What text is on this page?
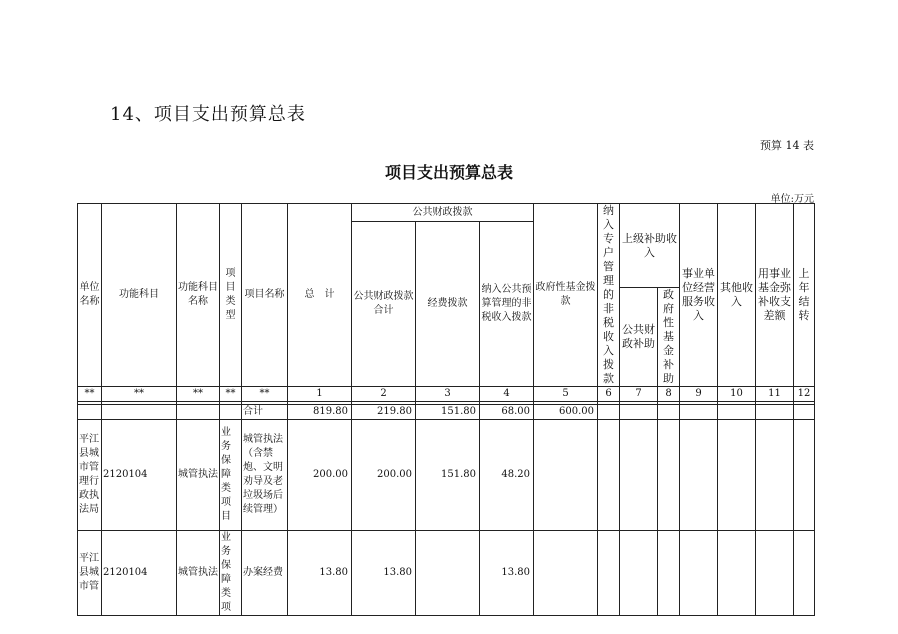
14、项目支出预算总表
预算 14 表
项目支出预算总表
单位:万元
单位名称	功能科目	功能科目名称	项目类型	项目名称	总　计	公共财政拨款			政府性基金拨款	纳入专户管理的非税收入拨款	上级补助收入		事业单位经营服务收入	其他收入	用事业基金弥补收支差额	上年结转
						公共财政拨款合计	经费拨款	纳入公共预算管理的非税收入拨款								
											公共财政补助	政府性基金补助				
**	**	**	**	**	1	2	3	4	5	6	7	8	9	10	11	12

				合计	819.80	219.80	151.80	68.00	600.00							
平江县城市管理行政执法局	2120104	城管执法	业务保障类项目	城管执法（含禁炮、文明劝导及老垃圾场后续管理）	200.00	200.00	151.80	48.20								
平江县城市管	2120104	城管执法	业务保障类项	办案经费	13.80	13.80		13.80								
